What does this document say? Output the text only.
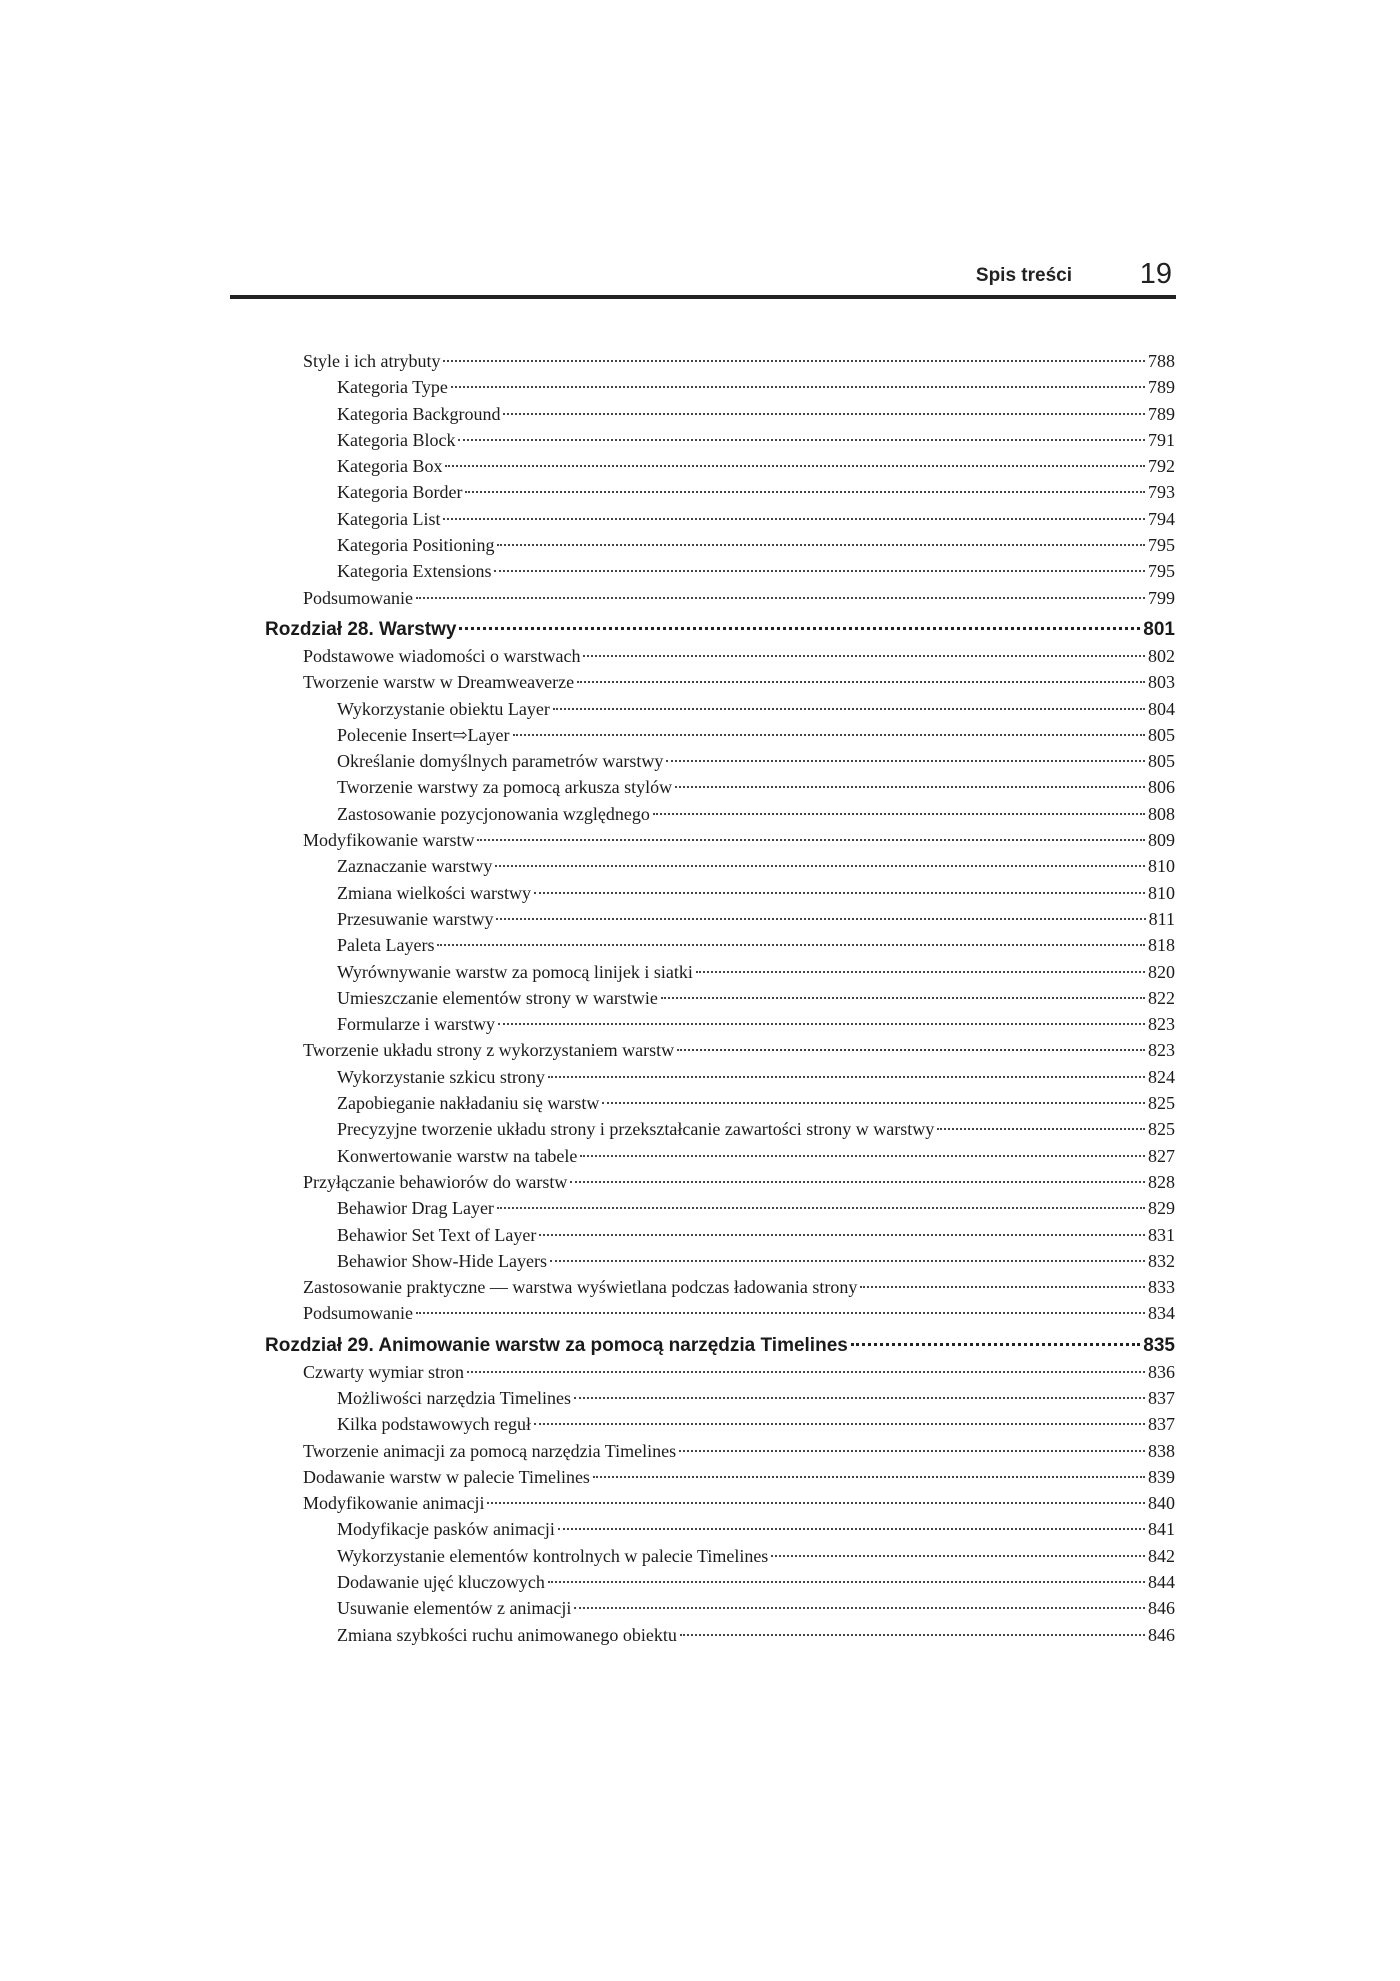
Spis treści 19
Style i ich atrybuty	788
Kategoria Type	789
Kategoria Background	789
Kategoria Block	791
Kategoria Box	792
Kategoria Border	793
Kategoria List	794
Kategoria Positioning	795
Kategoria Extensions	795
Podsumowanie	799
Rozdział 28. Warstwy	801
Podstawowe wiadomości o warstwach	802
Tworzenie warstw w Dreamweaverze	803
Wykorzystanie obiektu Layer	804
Polecenie Insert⇨Layer	805
Określanie domyślnych parametrów warstwy	805
Tworzenie warstwy za pomocą arkusza stylów	806
Zastosowanie pozycjonowania względnego	808
Modyfikowanie warstw	809
Zaznaczanie warstwy	810
Zmiana wielkości warstwy	810
Przesuwanie warstwy	811
Paleta Layers	818
Wyrównywanie warstw za pomocą linijek i siatki	820
Umieszczanie elementów strony w warstwie	822
Formularze i warstwy	823
Tworzenie układu strony z wykorzystaniem warstw	823
Wykorzystanie szkicu strony	824
Zapobieganie nakładaniu się warstw	825
Precyzyjne tworzenie układu strony i przekształcanie zawartości strony w warstwy	825
Konwertowanie warstw na tabele	827
Przyłączanie behawiorów do warstw	828
Behawior Drag Layer	829
Behawior Set Text of Layer	831
Behawior Show-Hide Layers	832
Zastosowanie praktyczne — warstwa wyświetlana podczas ładowania strony	833
Podsumowanie	834
Rozdział 29. Animowanie warstw za pomocą narzędzia Timelines	835
Czwarty wymiar stron	836
Możliwości narzędzia Timelines	837
Kilka podstawowych reguł	837
Tworzenie animacji za pomocą narzędzia Timelines	838
Dodawanie warstw w palecie Timelines	839
Modyfikowanie animacji	840
Modyfikacje pasków animacji	841
Wykorzystanie elementów kontrolnych w palecie Timelines	842
Dodawanie ujęć kluczowych	844
Usuwanie elementów z animacji	846
Zmiana szybkości ruchu animowanego obiektu	846
